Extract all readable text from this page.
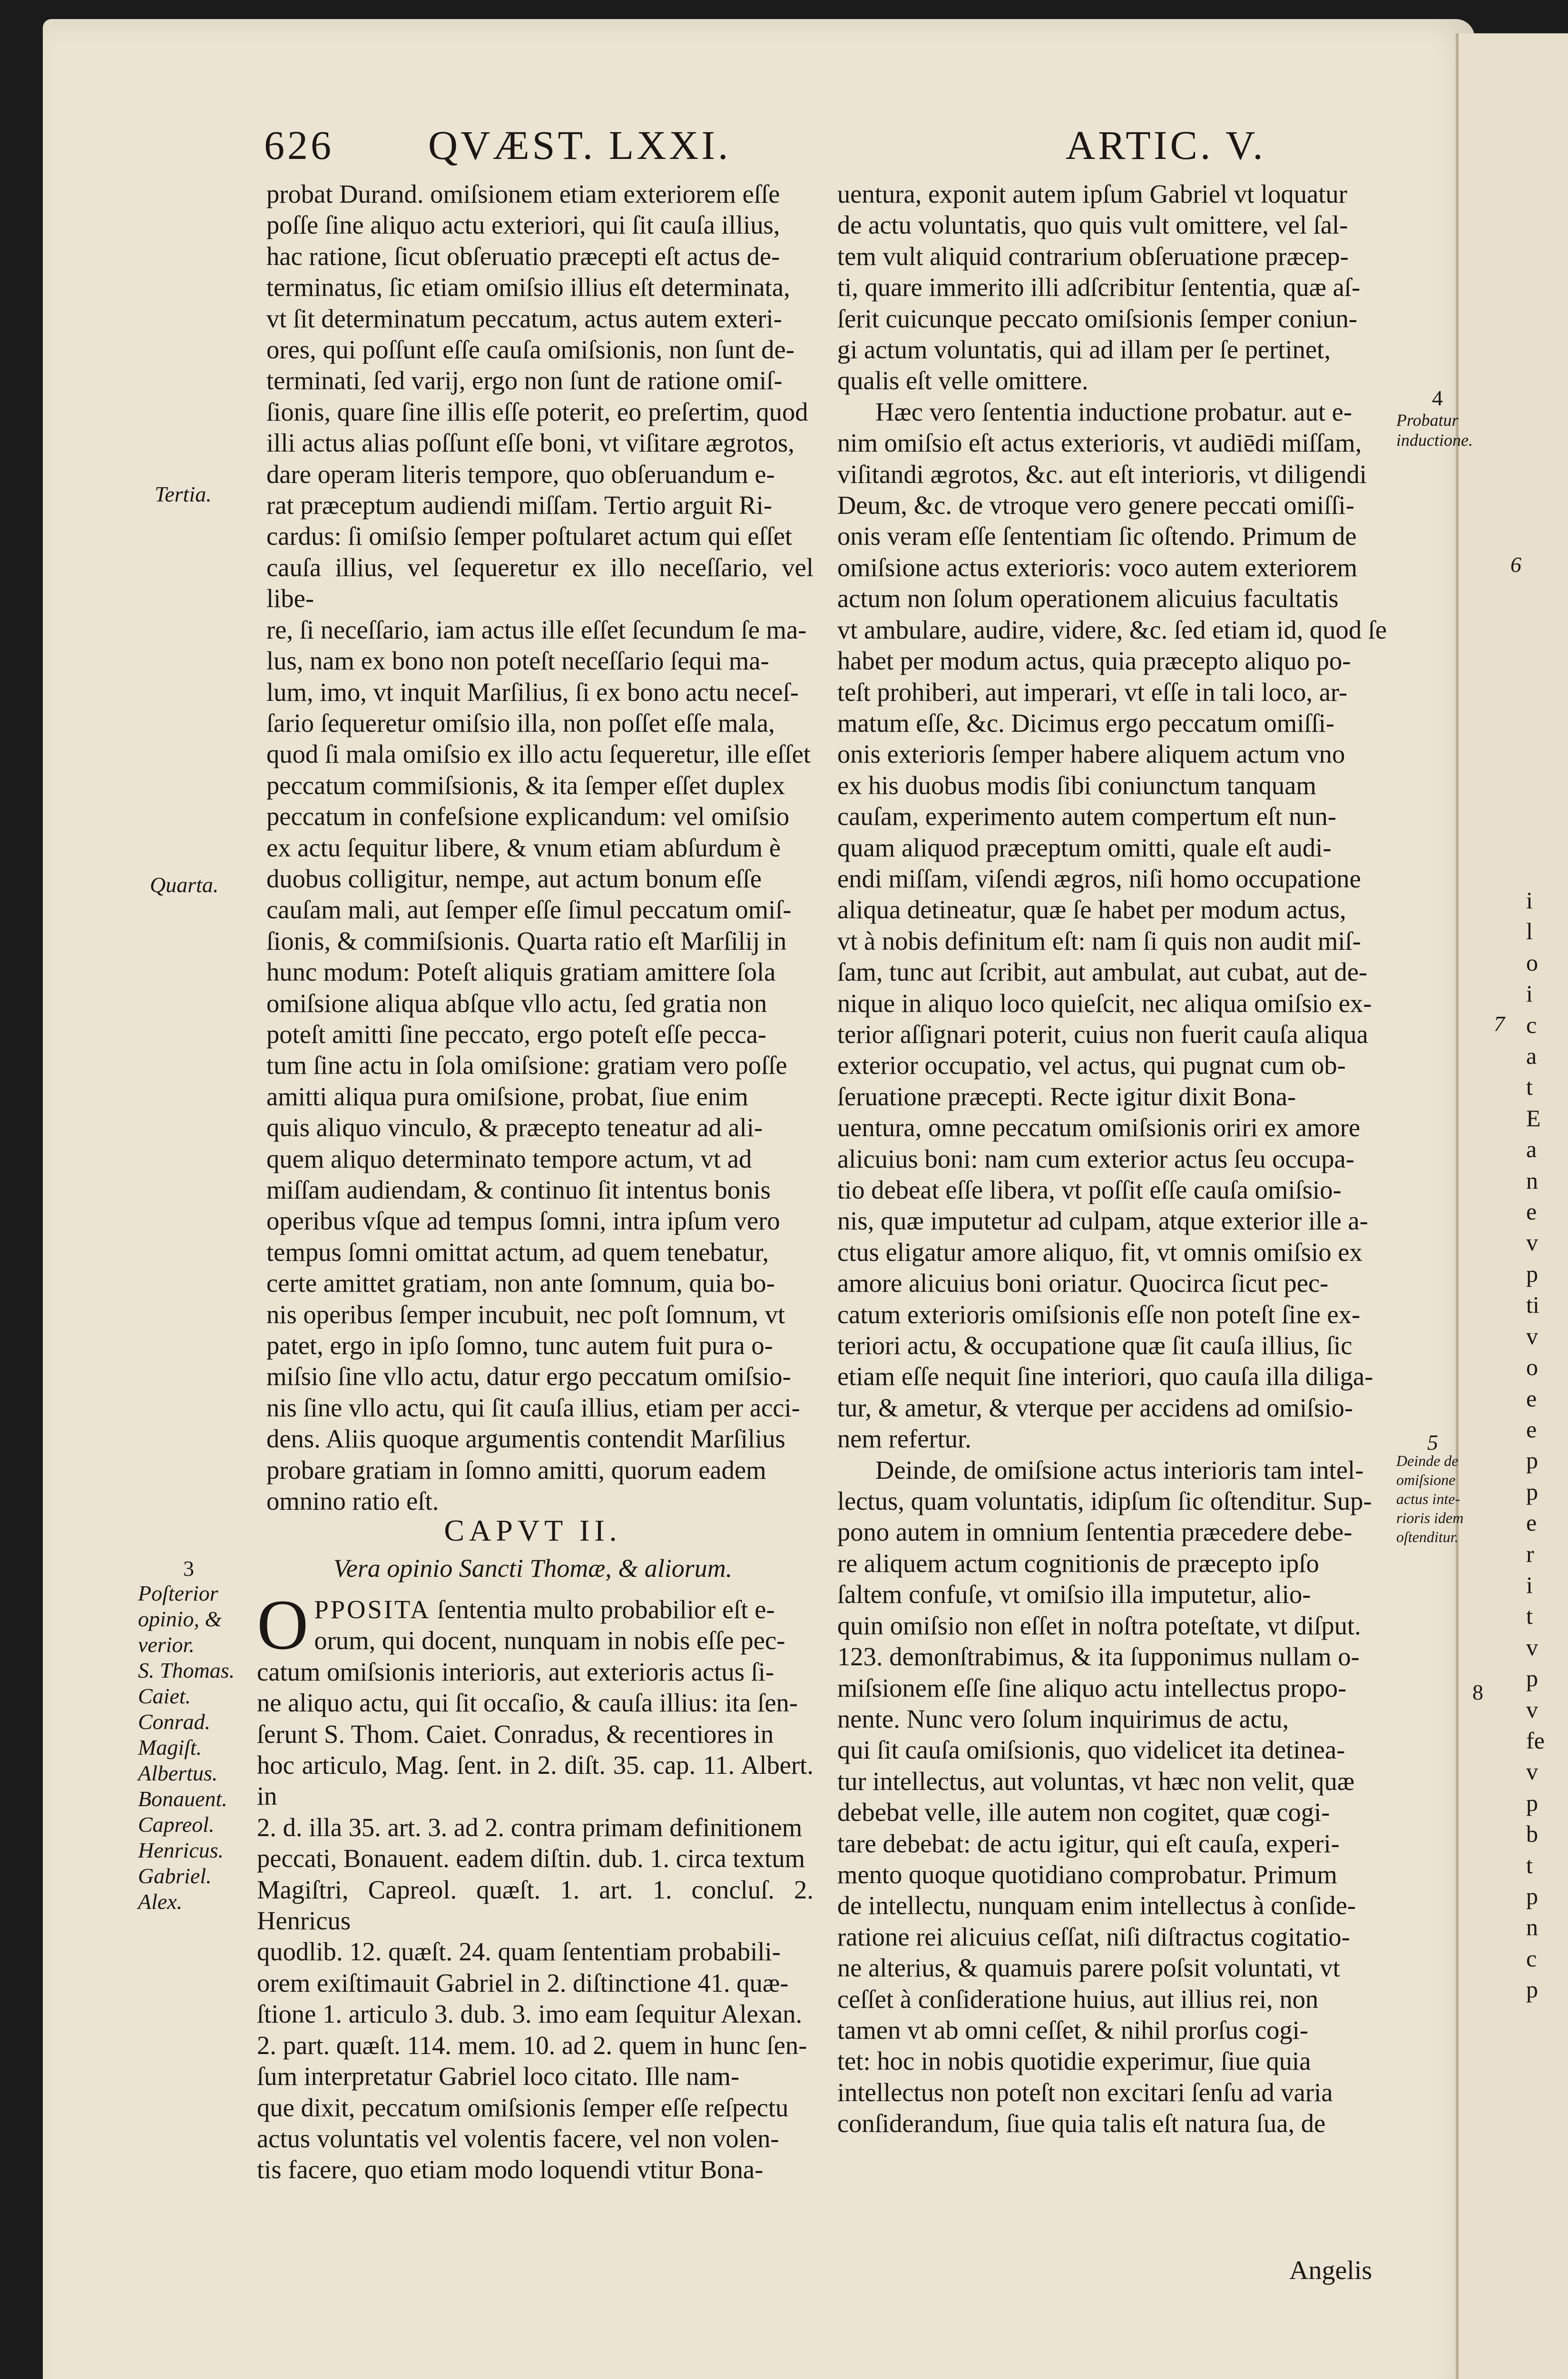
626 QVÆST. LXXI.	ARTIC. V.

probat Durand. omiſsionem etiam exteriorem eſſe

poſſe ſine aliquo actu exteriori, qui ſit cauſa illius,

hac ratione, ſicut obſeruatio præcepti eſt actus de-

terminatus, ſic etiam omiſsio illius eſt determinata,

vt ſit determinatum peccatum, actus autem exteri-

ores, qui poſſunt eſſe cauſa omiſsionis, non ſunt de-

terminati, ſed varij, ergo non ſunt de ratione omiſ-

ſionis, quare ſine illis eſſe poterit, eo preſertim, quod

illi actus alias poſſunt eſſe boni, vt viſitare ægrotos,

dare operam literis tempore, quo obſeruandum e-

rat præceptum audiendi miſſam. Tertio arguit Ri-

cardus: ſi omiſsio ſemper poſtularet actum qui eſſet

cauſa illius, vel ſequeretur ex illo neceſſario, vel libe-

re, ſi neceſſario, iam actus ille eſſet ſecundum ſe ma-

lus, nam ex bono non poteſt neceſſario ſequi ma-

lum, imo, vt inquit Marſilius, ſi ex bono actu neceſ-

ſario ſequeretur omiſsio illa, non poſſet eſſe mala,

quod ſi mala omiſsio ex illo actu ſequeretur, ille eſſet

peccatum commiſsionis, & ita ſemper eſſet duplex

peccatum in confeſsione explicandum: vel omiſsio

ex actu ſequitur libere, & vnum etiam abſurdum è

duobus colligitur, nempe, aut actum bonum eſſe

cauſam mali, aut ſemper eſſe ſimul peccatum omiſ-

ſionis, & commiſsionis. Quarta ratio eſt Marſilij in

hunc modum: Poteſt aliquis gratiam amittere ſola

omiſsione aliqua abſque vllo actu, ſed gratia non

poteſt amitti ſine peccato, ergo poteſt eſſe pecca-

tum ſine actu in ſola omiſsione: gratiam vero poſſe

amitti aliqua pura omiſsione, probat, ſiue enim

quis aliquo vinculo, & præcepto teneatur ad ali-

quem aliquo determinato tempore actum, vt ad

miſſam audiendam, & continuo ſit intentus bonis

operibus vſque ad tempus ſomni, intra ipſum vero

tempus ſomni omittat actum, ad quem tenebatur,

certe amittet gratiam, non ante ſomnum, quia bo-

nis operibus ſemper incubuit, nec poſt ſomnum, vt

patet, ergo in ipſo ſomno, tunc autem fuit pura o-

miſsio ſine vllo actu, datur ergo peccatum omiſsio-

nis ſine vllo actu, qui ſit cauſa illius, etiam per acci-

dens. Aliis quoque argumentis contendit Marſilius

probare gratiam in ſomno amitti, quorum eadem

omnino ratio eſt.

CAPVT II.
Vera opinio Sancti Thomæ, & aliorum.

O PPOSITA ſententia multo probabilior eſt e-

orum, qui docent, nunquam in nobis eſſe pec-

catum omiſsionis interioris, aut exterioris actus ſi-

ne aliquo actu, qui ſit occaſio, & cauſa illius: ita ſen-

ſerunt S. Thom. Caiet. Conradus, & recentiores in

hoc articulo, Mag. ſent. in 2. diſt. 35. cap. 11. Albert. in

2. d. illa 35. art. 3. ad 2. contra primam definitionem

peccati, Bonauent. eadem diſtin. dub. 1. circa textum

Magiſtri, Capreol. quæſt. 1. art. 1. concluſ. 2. Henricus

quodlib. 12. quæſt. 24. quam ſententiam probabili-

orem exiſtimauit Gabriel in 2. diſtinctione 41. quæ-

ſtione 1. articulo 3. dub. 3. imo eam ſequitur Alexan.

2. part. quæſt. 114. mem. 10. ad 2. quem in hunc ſen-

ſum interpretatur Gabriel loco citato. Ille nam-

que dixit, peccatum omiſsionis ſemper eſſe reſpectu

actus voluntatis vel volentis facere, vel non volen-

tis facere, quo etiam modo loquendi vtitur Bona-

uentura, exponit autem ipſum Gabriel vt loquatur

de actu voluntatis, quo quis vult omittere, vel ſal-

tem vult aliquid contrarium obſeruatione præcep-

ti, quare immerito illi adſcribitur ſententia, quæ aſ-

ſerit cuicunque peccato omiſsionis ſemper coniun-

gi actum voluntatis, qui ad illam per ſe pertinet,

qualis eſt velle omittere.

Hæc vero ſententia inductione probatur. aut e-

nim omiſsio eſt actus exterioris, vt audiēdi miſſam,

viſitandi ægrotos, &c. aut eſt interioris, vt diligendi

Deum, &c. de vtroque vero genere peccati omiſſi-

onis veram eſſe ſententiam ſic oſtendo. Primum de

omiſsione actus exterioris: voco autem exteriorem

actum non ſolum operationem alicuius facultatis

vt ambulare, audire, videre, &c. ſed etiam id, quod ſe

habet per modum actus, quia præcepto aliquo po-

teſt prohiberi, aut imperari, vt eſſe in tali loco, ar-

matum eſſe, &c. Dicimus ergo peccatum omiſſi-

onis exterioris ſemper habere aliquem actum vno

ex his duobus modis ſibi coniunctum tanquam

cauſam, experimento autem compertum eſt nun-

quam aliquod præceptum omitti, quale eſt audi-

endi miſſam, viſendi ægros, niſi homo occupatione

aliqua detineatur, quæ ſe habet per modum actus,

vt à nobis definitum eſt: nam ſi quis non audit miſ-

ſam, tunc aut ſcribit, aut ambulat, aut cubat, aut de-

nique in aliquo loco quieſcit, nec aliqua omiſsio ex-

terior aſſignari poterit, cuius non fuerit cauſa aliqua

exterior occupatio, vel actus, qui pugnat cum ob-

ſeruatione præcepti. Recte igitur dixit Bona-

uentura, omne peccatum omiſsionis oriri ex amore

alicuius boni: nam cum exterior actus ſeu occupa-

tio debeat eſſe libera, vt poſſit eſſe cauſa omiſsio-

nis, quæ imputetur ad culpam, atque exterior ille a-

ctus eligatur amore aliquo, fit, vt omnis omiſsio ex

amore alicuius boni oriatur. Quocirca ſicut pec-

catum exterioris omiſsionis eſſe non poteſt ſine ex-

teriori actu, & occupatione quæ ſit cauſa illius, ſic

etiam eſſe nequit ſine interiori, quo cauſa illa diliga-

tur, & ametur, & vterque per accidens ad omiſsio-

nem refertur.

Deinde, de omiſsione actus interioris tam intel-

lectus, quam voluntatis, idipſum ſic oſtenditur. Sup-

pono autem in omnium ſententia præcedere debe-

re aliquem actum cognitionis de præcepto ipſo

ſaltem confuſe, vt omiſsio illa imputetur, alio-

quin omiſsio non eſſet in noſtra poteſtate, vt diſput.

123. demonſtrabimus, & ita ſupponimus nullam o-

miſsionem eſſe ſine aliquo actu intellectus propo-

nente. Nunc vero ſolum inquirimus de actu,

qui ſit cauſa omiſsionis, quo videlicet ita detinea-

tur intellectus, aut voluntas, vt hæc non velit, quæ

debebat velle, ille autem non cogitet, quæ cogi-

tare debebat: de actu igitur, qui eſt cauſa, experi-

mento quoque quotidiano comprobatur. Primum

de intellectu, nunquam enim intellectus à conſide-

ratione rei alicuius ceſſat, niſi diſtractus cogitatio-

ne alterius, & quamuis parere poſsit voluntati, vt

ceſſet à conſideratione huius, aut illius rei, non

tamen vt ab omni ceſſet, & nihil prorſus cogi-

tet: hoc in nobis quotidie experimur, ſiue quia

intellectus non poteſt non excitari ſenſu ad varia

conſiderandum, ſiue quia talis eſt natura ſua, de

Angelis
Tertia.
Quarta.
3
Poſterior
opinio, &
verior.
S. Thomas.
Caiet.
Conrad.
Magiſt.
Albertus.
Bonauent.
Capreol.
Henricus.
Gabriel.
Alex.
4
Probatur
inductione.
6
7
5
Deinde de
omiſsione
actus inte-
rioris idem
oſtenditur.
8
i
l
o
i
c
a
t
E
a
n
e
v
p
ti
v
o
e
e
p
p
e
r
i
t
v
p
v
fe
v
p
b
t
p
n
c
p
